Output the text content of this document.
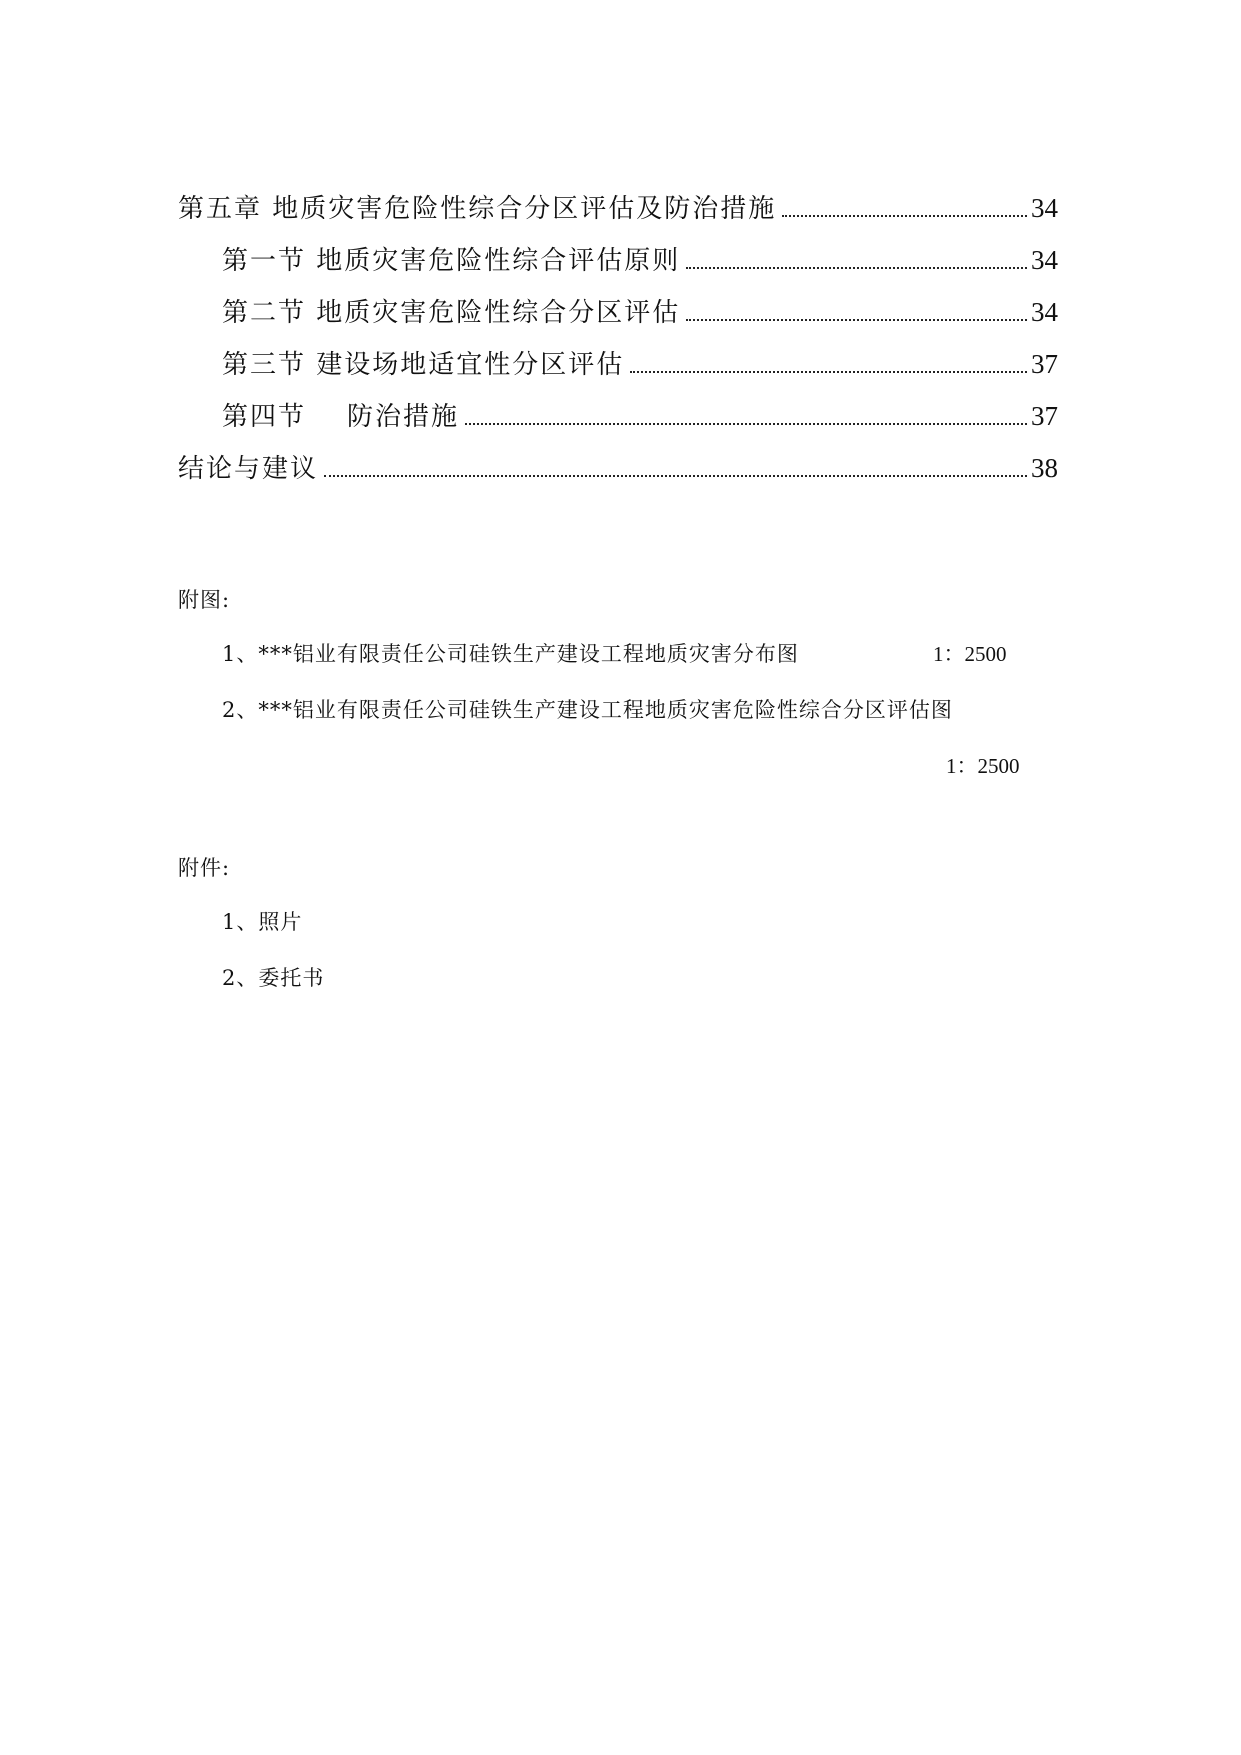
第五章 地质灾害危险性综合分区评估及防治措施	34
第一节 地质灾害危险性综合评估原则	34
第二节 地质灾害危险性综合分区评估	34
第三节 建设场地适宜性分区评估	37
第四节    防治措施	37
结论与建议	38
附图:
1、***铝业有限责任公司硅铁生产建设工程地质灾害分布图	1：2500
2、***铝业有限责任公司硅铁生产建设工程地质灾害危险性综合分区评估图
1：2500
附件:
1、照片
2、委托书
